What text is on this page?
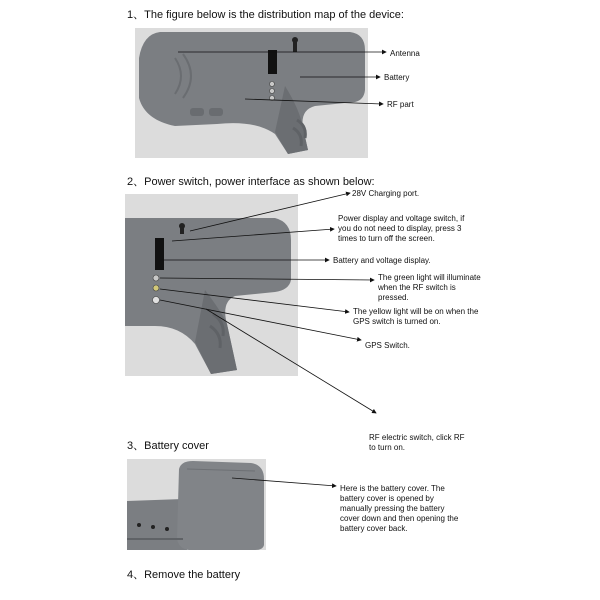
1、The figure below is the distribution map of the device:
Antenna
Battery
RF part
2、Power switch, power interface as shown below:
28V Charging port.
Power display and voltage switch, if you do not need to display, press 3 times to turn off the screen.
Battery and voltage display.
The green light will illuminate when the RF switch is pressed.
The yellow light will be on when the GPS switch is turned on.
GPS Switch.
RF electric switch, click RF to turn on.
3、Battery cover
Here is the battery cover. The battery cover is opened by manually pressing the battery cover down and then opening the battery cover back.
4、Remove the battery
